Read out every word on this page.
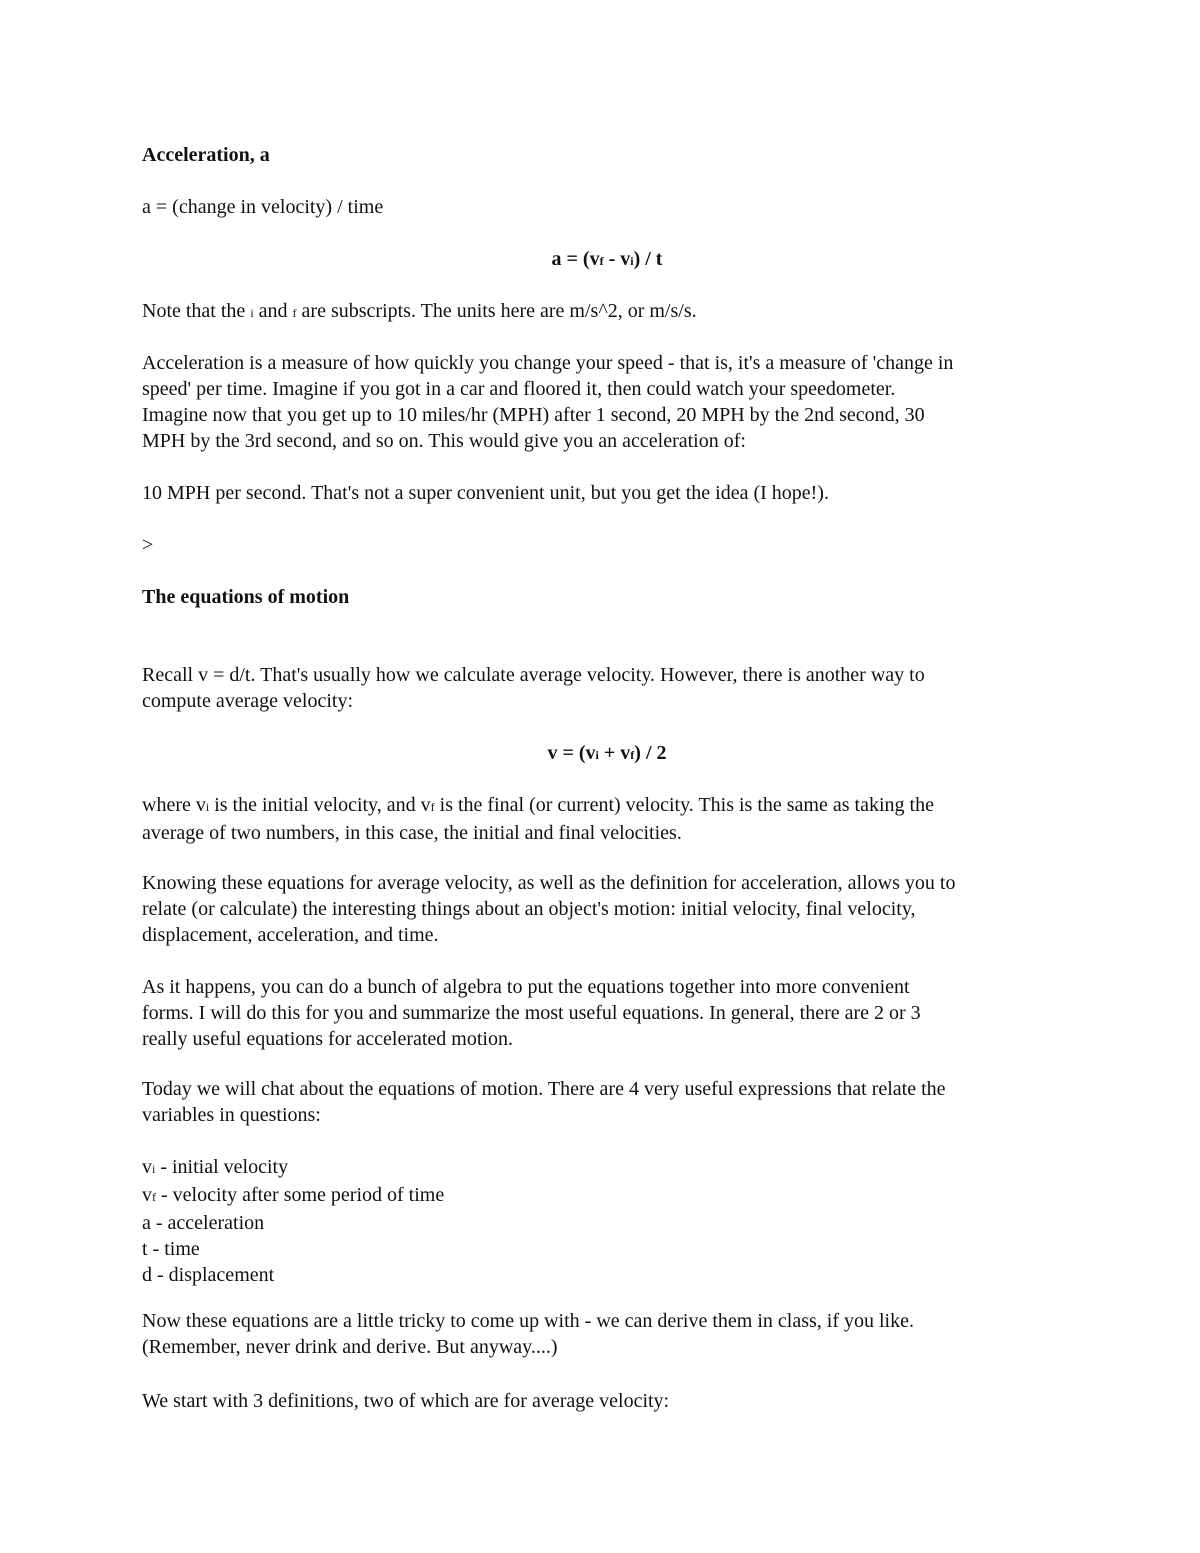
Acceleration, a

a = (change in velocity) / time

a = (vf - vi) / t

Note that the i and f are subscripts. The units here are m/s^2, or m/s/s.

Acceleration is a measure of how quickly you change your speed - that is, it's a measure of 'change in
speed' per time. Imagine if you got in a car and floored it, then could watch your speedometer.
Imagine now that you get up to 10 miles/hr (MPH) after 1 second, 20 MPH by the 2nd second, 30
MPH by the 3rd second, and so on. This would give you an acceleration of:

10 MPH per second. That's not a super convenient unit, but you get the idea (I hope!).

>

The equations of motion

Recall v = d/t. That's usually how we calculate average velocity. However, there is another way to
compute average velocity:

v = (vi + vf) / 2

where vi is the initial velocity, and vf is the final (or current) velocity. This is the same as taking the
average of two numbers, in this case, the initial and final velocities.
Knowing these equations for average velocity, as well as the definition for acceleration, allows you to
relate (or calculate) the interesting things about an object's motion: initial velocity, final velocity,
displacement, acceleration, and time.
As it happens, you can do a bunch of algebra to put the equations together into more convenient
forms. I will do this for you and summarize the most useful equations. In general, there are 2 or 3
really useful equations for accelerated motion.
Today we will chat about the equations of motion. There are 4 very useful expressions that relate the
variables in questions:
vi - initial velocity
vf - velocity after some period of time
a - acceleration
t - time
d - displacement
Now these equations are a little tricky to come up with - we can derive them in class, if you like.
(Remember, never drink and derive. But anyway....)

We start with 3 definitions, two of which are for average velocity:
